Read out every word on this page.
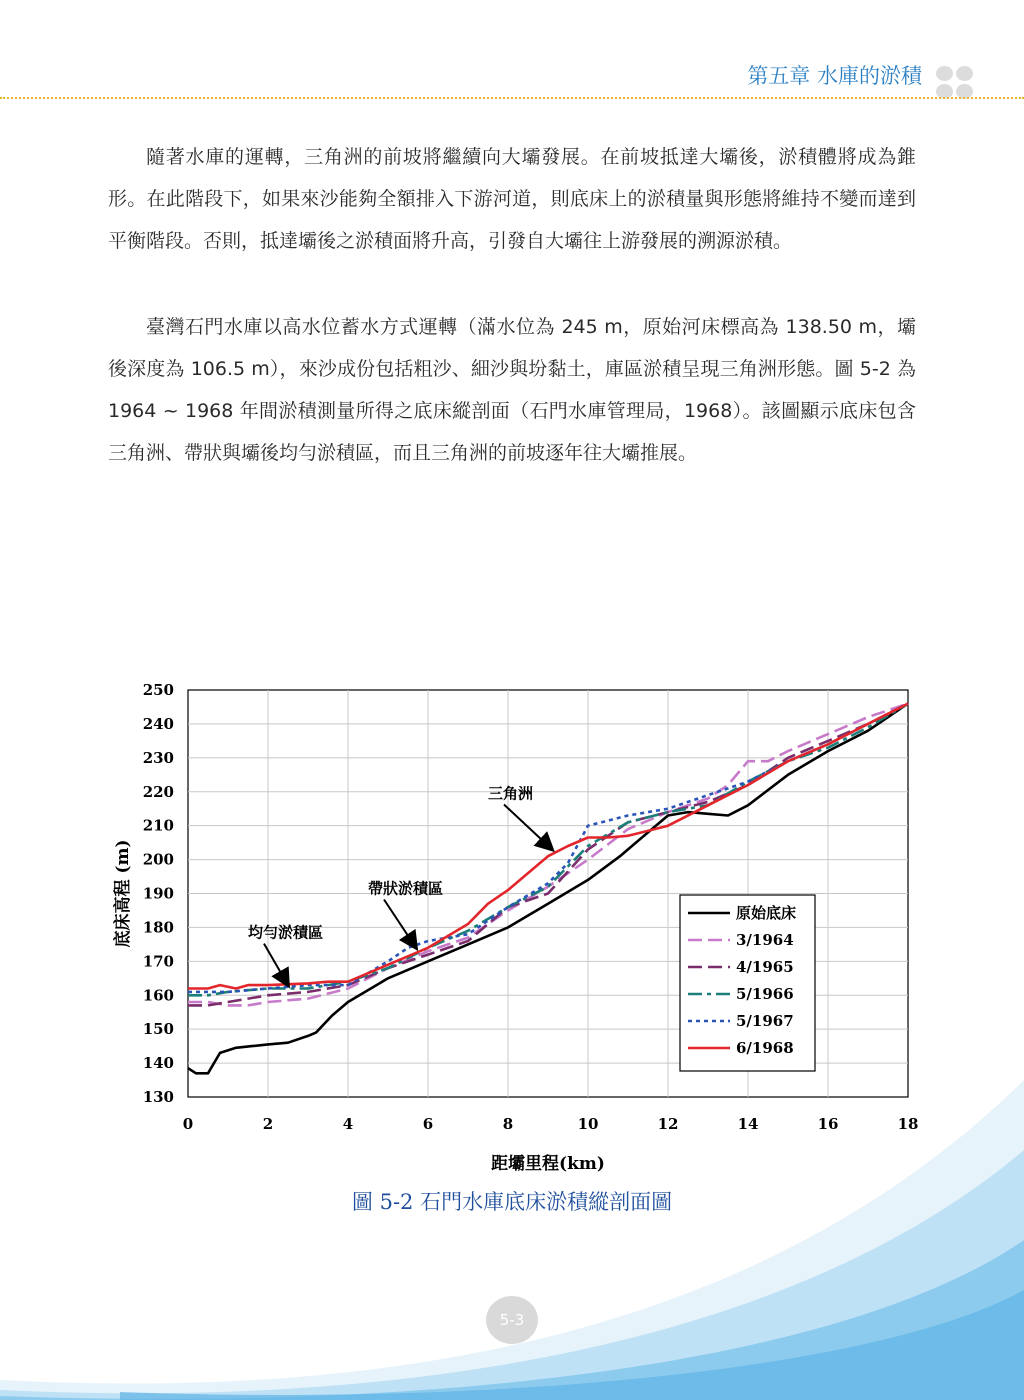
第五章 水庫的淤積

隨著水庫的運轉，三角洲的前坡將繼續向大壩發展。在前坡抵達大壩後，淤積體將成為錐形。在此階段下，如果來沙能夠全額排入下游河道，則底床上的淤積量與形態將維持不變而達到平衡階段。否則，抵達壩後之淤積面將升高，引發自大壩往上游發展的溯源淤積。

臺灣石門水庫以高水位蓄水方式運轉（滿水位為 245 m，原始河床標高為 138.50 m，壩後深度為 106.5 m），來沙成份包括粗沙、細沙與坋黏土，庫區淤積呈現三角洲形態。圖 5-2 為 1964 ~ 1968 年間淤積測量所得之底床縱剖面（石門水庫管理局，1968）。該圖顯示底床包含三角洲、帶狀與壩後均勻淤積區，而且三角洲的前坡逐年往大壩推展。

0	2	4	6	8	10	12	14	16	18
130
140
150
160
170
180
190
200
210
220
230
240
250
距壩里程(km)
底床高程 (m)
三角洲
帶狀淤積區
均勻淤積區
原始底床
3/1964
4/1965
5/1966
5/1967
6/1968
圖 5-2 石門水庫底床淤積縱剖面圖
5-3
